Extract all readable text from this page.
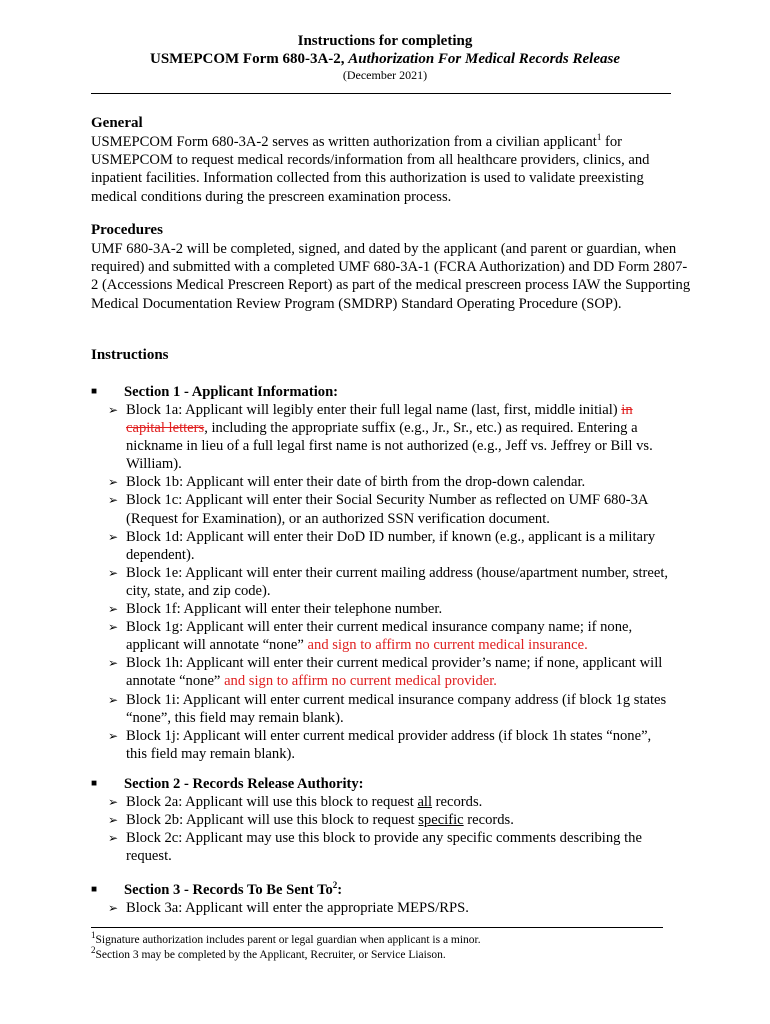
Instructions for completing
USMEPCOM Form 680-3A-2, Authorization For Medical Records Release
(December 2021)
General
USMEPCOM Form 680-3A-2 serves as written authorization from a civilian applicant$^1$ for USMEPCOM to request medical records/information from all healthcare providers, clinics, and inpatient facilities. Information collected from this authorization is used to validate preexisting medical conditions during the prescreen examination process.
Procedures
UMF 680-3A-2 will be completed, signed, and dated by the applicant (and parent or guardian, when required) and submitted with a completed UMF 680-3A-1 (FCRA Authorization) and DD Form 2807-2 (Accessions Medical Prescreen Report) as part of the medical prescreen process IAW the Supporting Medical Documentation Review Program (SMDRP) Standard Operating Procedure (SOP).
Instructions
■ Section 1 - Applicant Information:
➢ Block 1a: Applicant will legibly enter their full legal name (last, first, middle initial) in capital letters, including the appropriate suffix (e.g., Jr., Sr., etc.) as required. Entering a nickname in lieu of a full legal first name is not authorized (e.g., Jeff vs. Jeffrey or Bill vs. William).
➢ Block 1b: Applicant will enter their date of birth from the drop-down calendar.
➢ Block 1c: Applicant will enter their Social Security Number as reflected on UMF 680-3A (Request for Examination), or an authorized SSN verification document.
➢ Block 1d: Applicant will enter their DoD ID number, if known (e.g., applicant is a military dependent).
➢ Block 1e: Applicant will enter their current mailing address (house/apartment number, street, city, state, and zip code).
➢ Block 1f: Applicant will enter their telephone number.
➢ Block 1g: Applicant will enter their current medical insurance company name; if none, applicant will annotate “none” and sign to affirm no current medical insurance.
➢ Block 1h: Applicant will enter their current medical provider’s name; if none, applicant will annotate “none” and sign to affirm no current medical provider.
➢ Block 1i: Applicant will enter current medical insurance company address (if block 1g states “none”, this field may remain blank).
➢ Block 1j: Applicant will enter current medical provider address (if block 1h states “none”, this field may remain blank).
■ Section 2 - Records Release Authority:
➢ Block 2a: Applicant will use this block to request all records.
➢ Block 2b: Applicant will use this block to request specific records.
➢ Block 2c: Applicant may use this block to provide any specific comments describing the request.
■ Section 3 - Records To Be Sent To$^2$:
➢ Block 3a: Applicant will enter the appropriate MEPS/RPS.
$^1$Signature authorization includes parent or legal guardian when applicant is a minor.
$^2$Section 3 may be completed by the Applicant, Recruiter, or Service Liaison.
